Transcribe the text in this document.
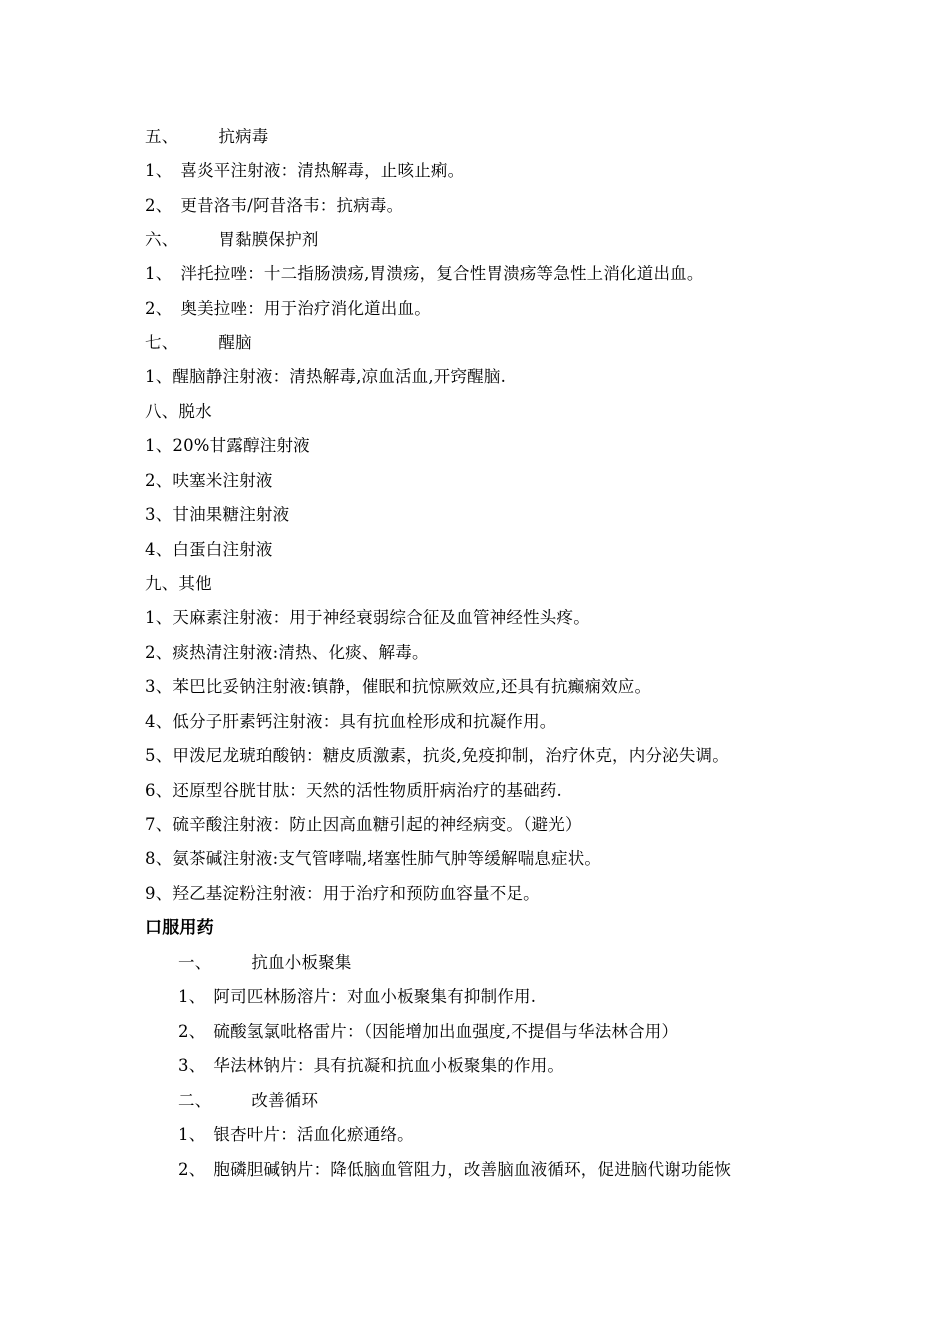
五、 抗病毒
1、 喜炎平注射液：清热解毒，止咳止痢。
2、 更昔洛韦/阿昔洛韦：抗病毒。
六、 胃黏膜保护剂
1、 泮托拉唑：十二指肠溃疡,胃溃疡，复合性胃溃疡等急性上消化道出血。
2、 奥美拉唑：用于治疗消化道出血。
七、 醒脑
1、醒脑静注射液：清热解毒,凉血活血,开窍醒脑.
八、脱水
1、20%甘露醇注射液
2、呋塞米注射液
3、甘油果糖注射液
4、白蛋白注射液
九、其他
1、天麻素注射液：用于神经衰弱综合征及血管神经性头疼。
2、痰热清注射液:清热、化痰、解毒。
3、苯巴比妥钠注射液:镇静，催眠和抗惊厥效应,还具有抗癫痫效应。
4、低分子肝素钙注射液：具有抗血栓形成和抗凝作用。
5、甲泼尼龙琥珀酸钠：糖皮质激素，抗炎,免疫抑制，治疗休克，内分泌失调。
6、还原型谷胱甘肽：天然的活性物质肝病治疗的基础药.
7、硫辛酸注射液：防止因高血糖引起的神经病变。（避光）
8、氨茶碱注射液:支气管哮喘,堵塞性肺气肿等缓解喘息症状。
9、羟乙基淀粉注射液：用于治疗和预防血容量不足。
口服用药
一、 抗血小板聚集
1、 阿司匹林肠溶片：对血小板聚集有抑制作用.
2、 硫酸氢氯吡格雷片：（因能增加出血强度,不提倡与华法林合用）
3、 华法林钠片：具有抗凝和抗血小板聚集的作用。
二、 改善循环
1、 银杏叶片：活血化瘀通络。
2、 胞磷胆碱钠片：降低脑血管阻力，改善脑血液循环，促进脑代谢功能恢
